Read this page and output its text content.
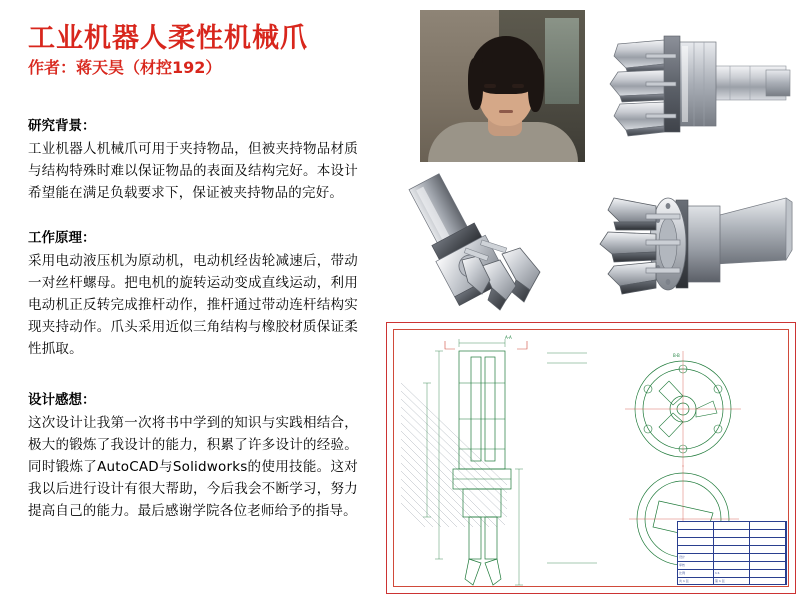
工业机器人柔性机械爪
作者：蒋天昊（材控192）
研究背景：
工业机器人机械爪可用于夹持物品，但被夹持物品材质与结构特殊时难以保证物品的表面及结构完好。本设计希望能在满足负载要求下，保证被夹持物品的完好。
工作原理：
采用电动液压机为原动机，电动机经齿轮减速后，带动一对丝杆螺母。把电机的旋转运动变成直线运动，利用电动机正反转完成推杆动作，推杆通过带动连杆结构实现夹持动作。爪头采用近似三角结构与橡胶材质保证柔性抓取。
设计感想：
这次设计让我第一次将书中学到的知识与实践相结合，极大的锻炼了我设计的能力，积累了许多设计的经验。同时锻炼了AutoCAD与Solidworks的使用技能。这对我以后进行设计有很大帮助，今后我会不断学习，努力提高自己的能力。最后感谢学院各位老师给予的指导。
A-A
B-B
设计
审核
比例	1:1
共 1 张	第 1 张
